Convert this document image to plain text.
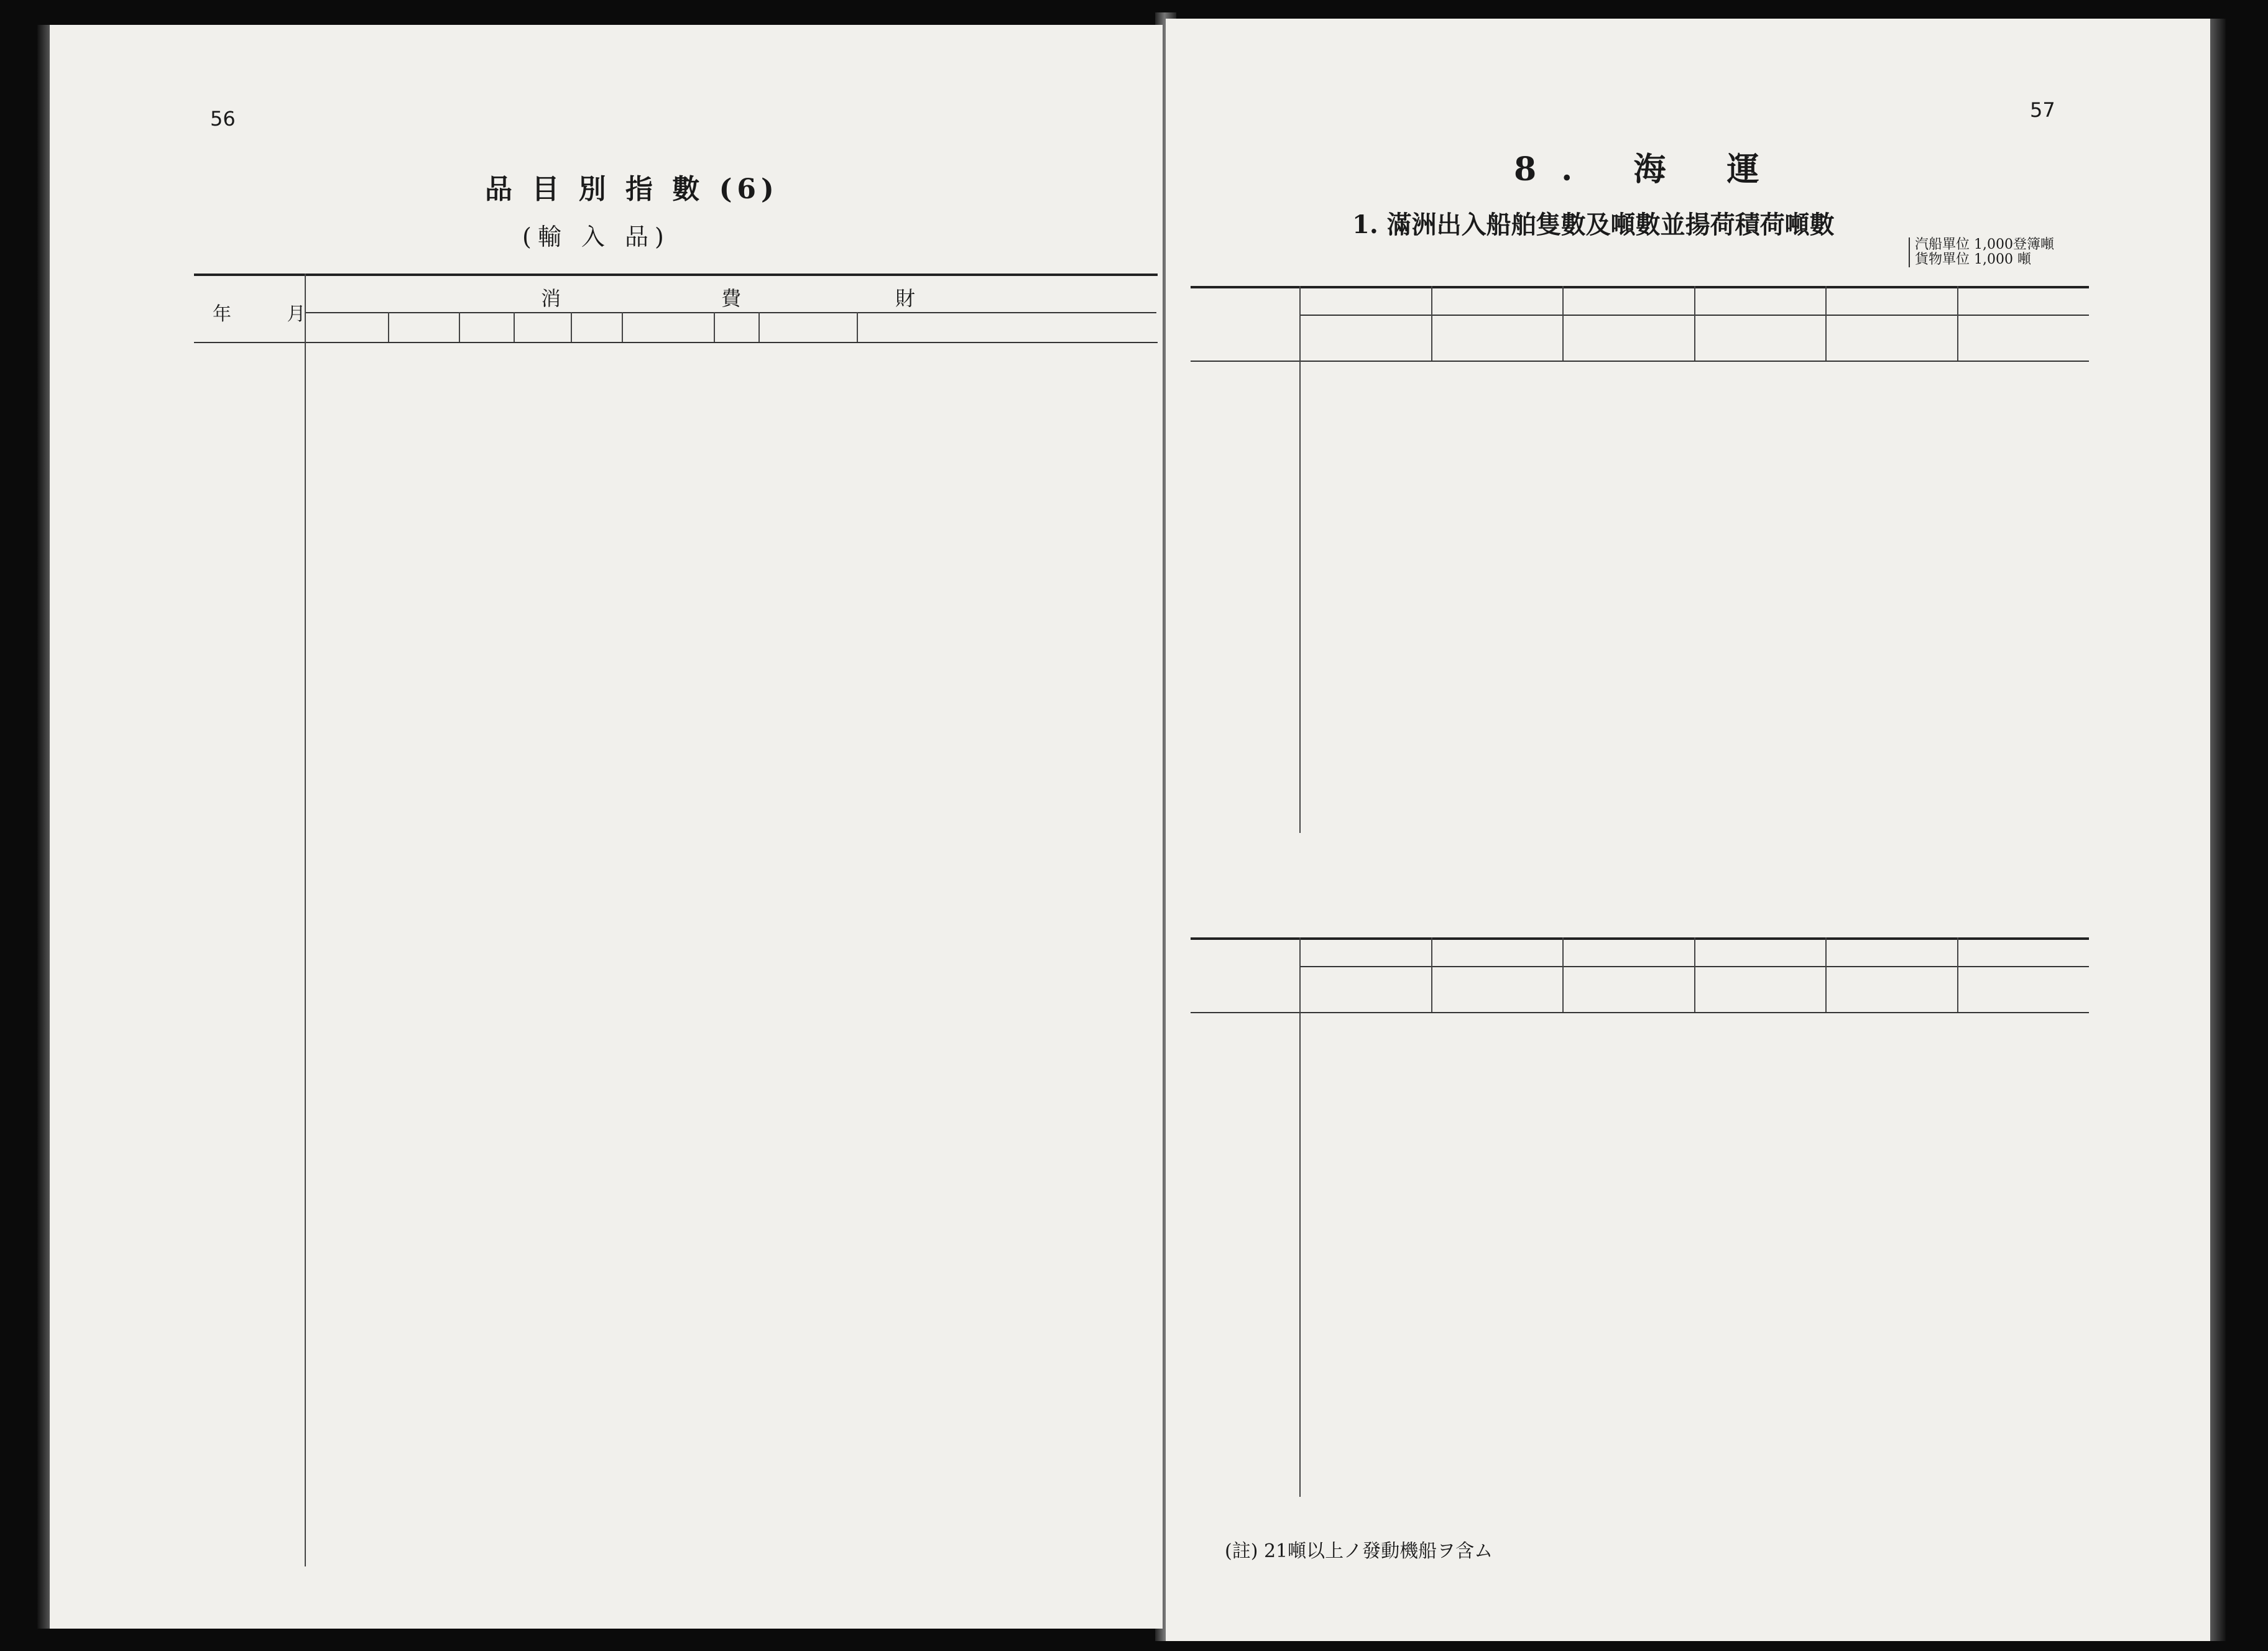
56
品 目 別 指 數 (6)
(輸 入 品)
年 月
消	費	財
57
8. 海 運
1. 滿洲出入船舶隻數及噸數並揚荷積荷噸數
汽船單位 1,000登簿噸
貨物單位 1,000 噸
(註) 21噸以上ノ發動機船ヲ含ム
